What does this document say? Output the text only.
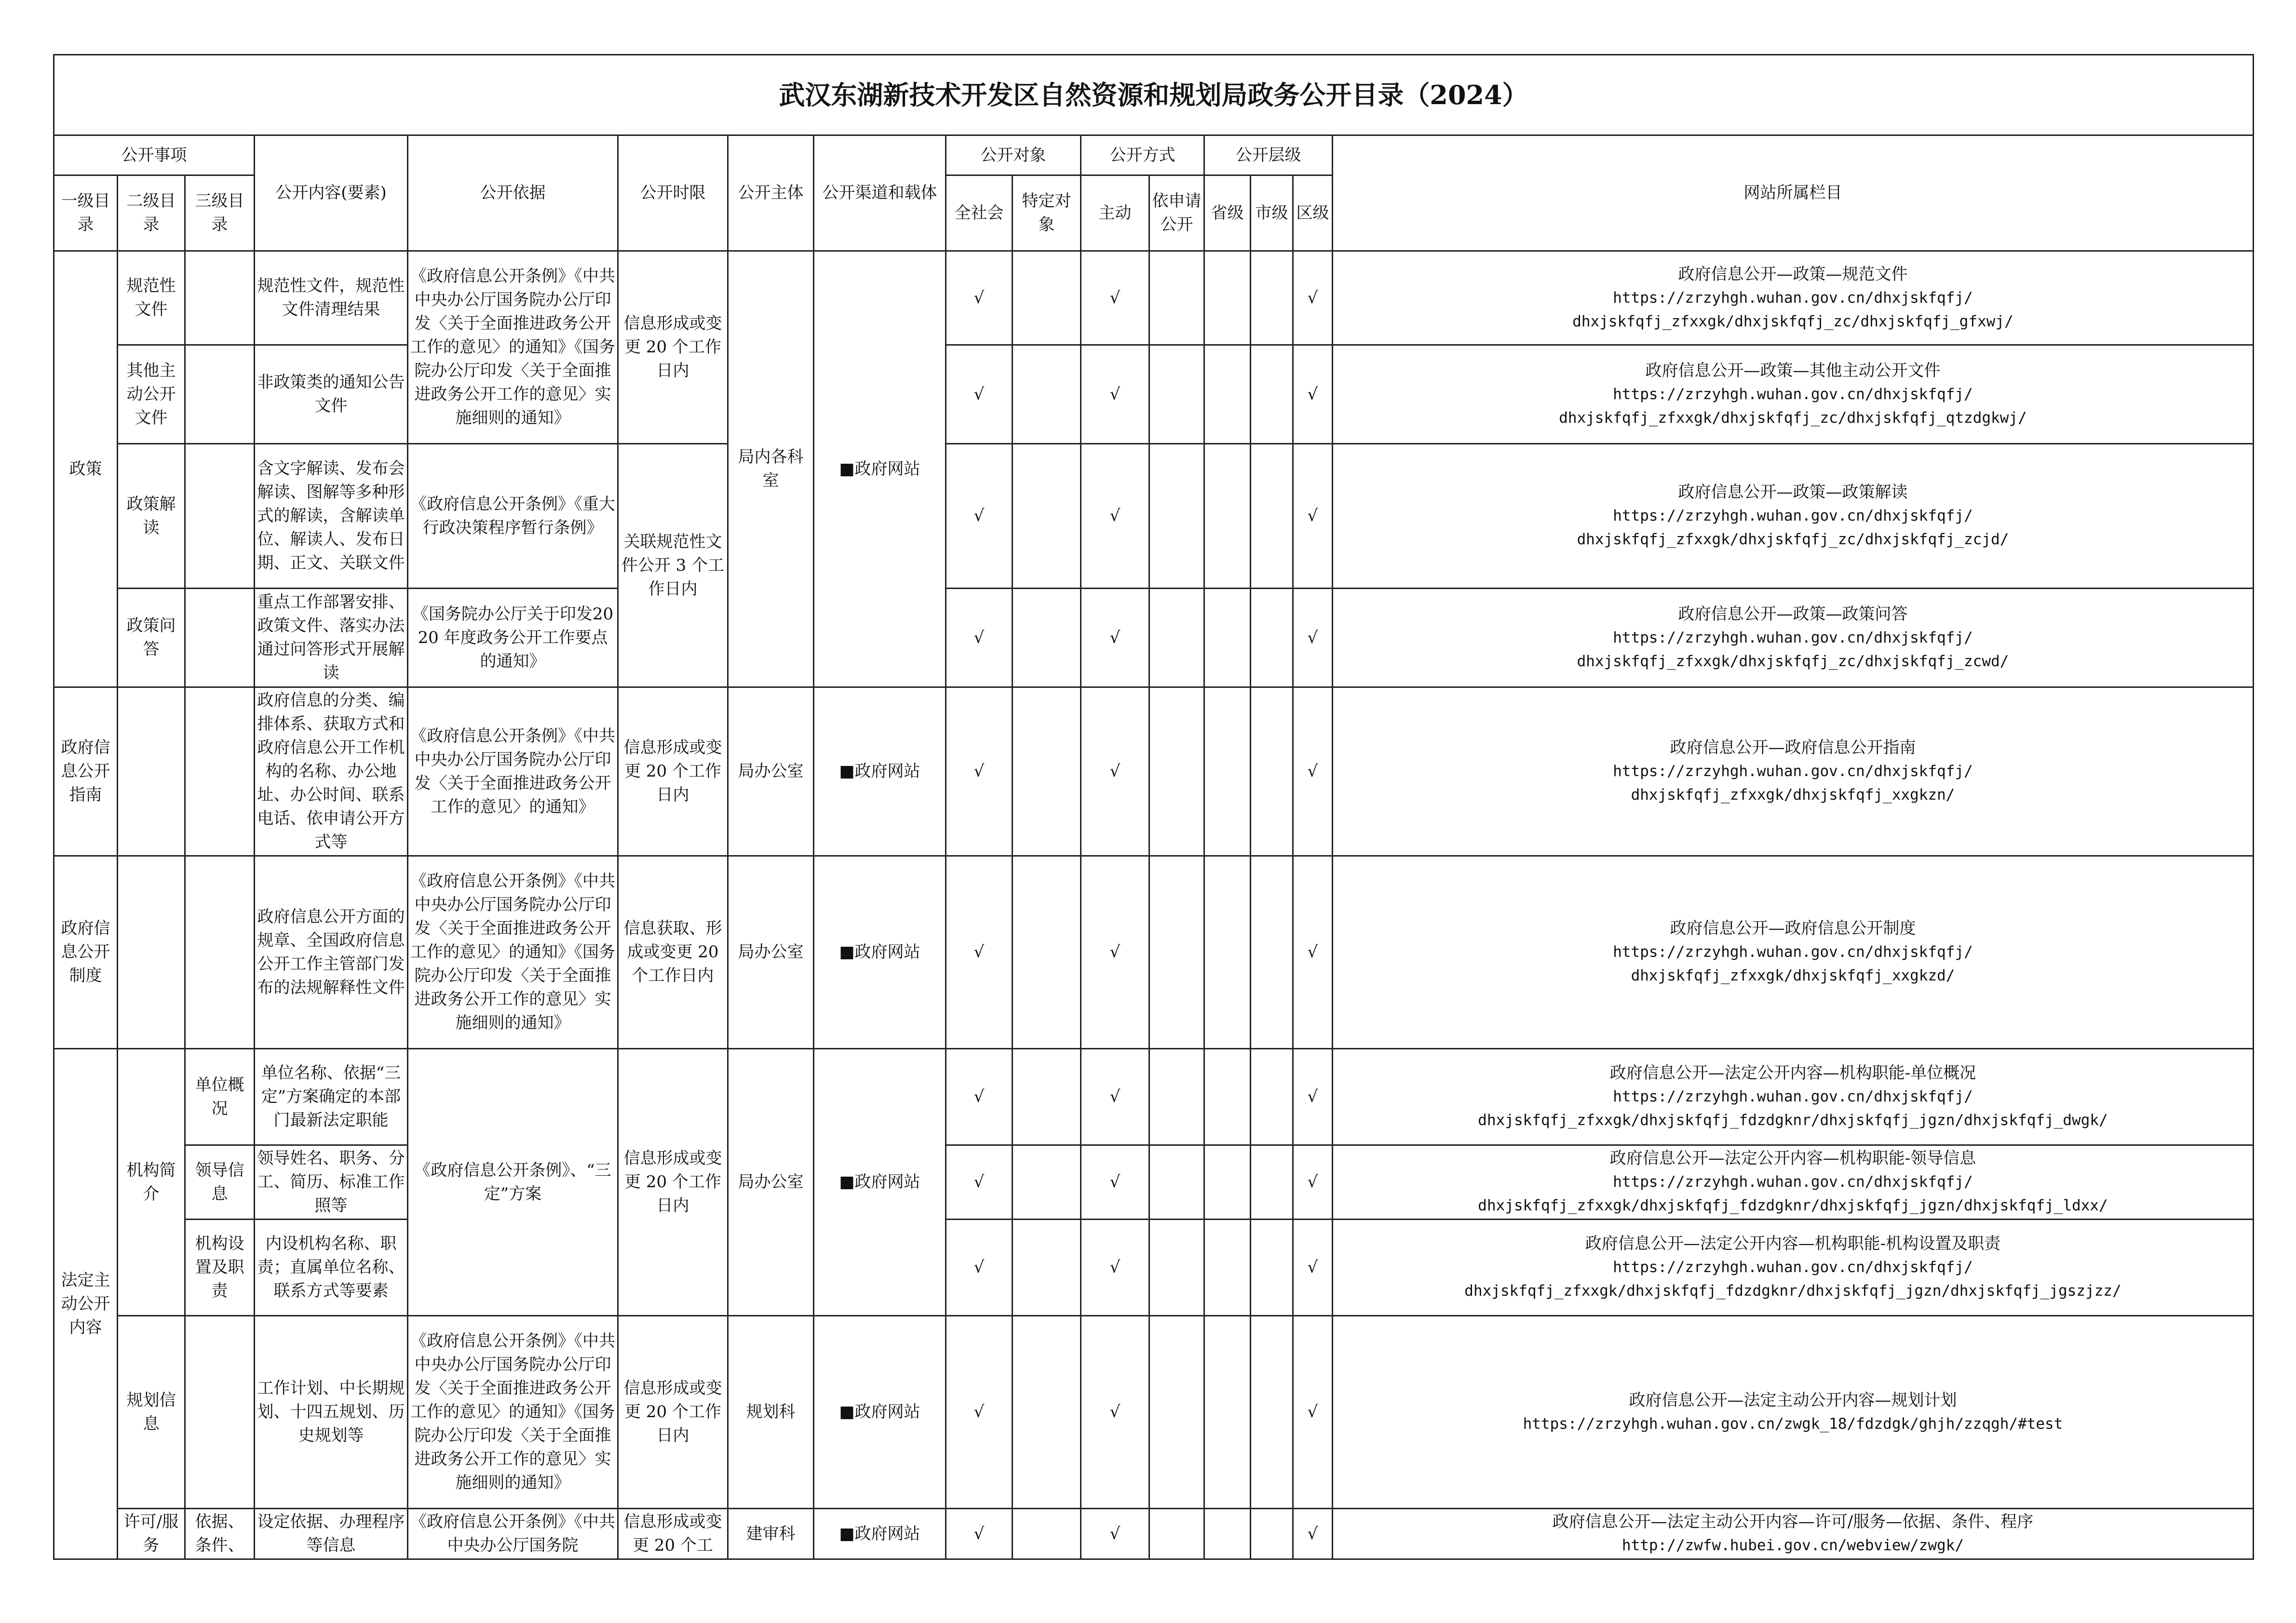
武汉东湖新技术开发区自然资源和规划局政务公开目录（2024）															
公开事项			公开内容(要素)	公开依据	公开时限	公开主体	公开渠道和载体	公开对象		公开方式		公开层级			网站所属栏目
一级目录	二级目录	三级目录						全社会	特定对象	主动	依申请公开	省级	市级	区级	
政策	规范性文件		规范性文件，规范性文件清理结果	《政府信息公开条例》《中共中央办公厅国务院办公厅印发〈关于全面推进政务公开工作的意见〉的通知》《国务院办公厅印发〈关于全面推进政务公开工作的意见〉实施细则的通知》	信息形成或变更 20 个工作日内	局内各科室	■政府网站	√		√				√	政府信息公开—政策—规范文件
https://zrzyhgh.wuhan.gov.cn/dhxjskfqfj/
dhxjskfqfj_zfxxgk/dhxjskfqfj_zc/dhxjskfqfj_gfxwj/

	其他主动公开文件		非政策类的通知公告文件					√		√				√	政府信息公开—政策—其他主动公开文件
https://zrzyhgh.wuhan.gov.cn/dhxjskfqfj/
dhxjskfqfj_zfxxgk/dhxjskfqfj_zc/dhxjskfqfj_qtzdgkwj/

	政策解读		含文字解读、发布会解读、图解等多种形式的解读，含解读单位、解读人、发布日期、正文、关联文件	《政府信息公开条例》《重大行政决策程序暂行条例》	关联规范性文件公开 3 个工作日内			√		√				√	政府信息公开—政策—政策解读
https://zrzyhgh.wuhan.gov.cn/dhxjskfqfj/
dhxjskfqfj_zfxxgk/dhxjskfqfj_zc/dhxjskfqfj_zcjd/

	政策问答		重点工作部署安排、政策文件、落实办法通过问答形式开展解读	《国务院办公厅关于印发2020 年度政务公开工作要点的通知》				√		√				√	政府信息公开—政策—政策问答
https://zrzyhgh.wuhan.gov.cn/dhxjskfqfj/
dhxjskfqfj_zfxxgk/dhxjskfqfj_zc/dhxjskfqfj_zcwd/

政府信息公开指南			政府信息的分类、编排体系、获取方式和政府信息公开工作机构的名称、办公地址、办公时间、联系电话、依申请公开方式等	《政府信息公开条例》《中共中央办公厅国务院办公厅印发〈关于全面推进政务公开工作的意见〉的通知》	信息形成或变更 20 个工作日内	局办公室	■政府网站	√		√				√	政府信息公开—政府信息公开指南
https://zrzyhgh.wuhan.gov.cn/dhxjskfqfj/
dhxjskfqfj_zfxxgk/dhxjskfqfj_xxgkzn/

政府信息公开制度			政府信息公开方面的规章、全国政府信息公开工作主管部门发布的法规解释性文件	《政府信息公开条例》《中共中央办公厅国务院办公厅印发〈关于全面推进政务公开工作的意见〉的通知》《国务院办公厅印发〈关于全面推进政务公开工作的意见〉实施细则的通知》	信息获取、形成或变更 20 个工作日内	局办公室	■政府网站	√		√				√	政府信息公开—政府信息公开制度
https://zrzyhgh.wuhan.gov.cn/dhxjskfqfj/
dhxjskfqfj_zfxxgk/dhxjskfqfj_xxgkzd/

法定主动公开内容	机构简介	单位概况	单位名称、依据“三定”方案确定的本部门最新法定职能	《政府信息公开条例》、“三定”方案	信息形成或变更 20 个工作日内	局办公室	■政府网站	√		√				√	政府信息公开—法定公开内容—机构职能-单位概况
https://zrzyhgh.wuhan.gov.cn/dhxjskfqfj/
dhxjskfqfj_zfxxgk/dhxjskfqfj_fdzdgknr/dhxjskfqfj_jgzn/dhxjskfqfj_dwgk/

		领导信息	领导姓名、职务、分工、简历、标准工作照等					√		√				√	政府信息公开—法定公开内容—机构职能-领导信息
https://zrzyhgh.wuhan.gov.cn/dhxjskfqfj/
dhxjskfqfj_zfxxgk/dhxjskfqfj_fdzdgknr/dhxjskfqfj_jgzn/dhxjskfqfj_ldxx/

		机构设置及职责	内设机构名称、职责；直属单位名称、联系方式等要素					√		√				√	政府信息公开—法定公开内容—机构职能-机构设置及职责
https://zrzyhgh.wuhan.gov.cn/dhxjskfqfj/
dhxjskfqfj_zfxxgk/dhxjskfqfj_fdzdgknr/dhxjskfqfj_jgzn/dhxjskfqfj_jgszjzz/

	规划信息		工作计划、中长期规划、十四五规划、历史规划等	《政府信息公开条例》《中共中央办公厅国务院办公厅印发〈关于全面推进政务公开工作的意见〉的通知》《国务院办公厅印发〈关于全面推进政务公开工作的意见〉实施细则的通知》	信息形成或变更 20 个工作日内	规划科	■政府网站	√		√				√	政府信息公开—法定主动公开内容—规划计划
https://zrzyhgh.wuhan.gov.cn/zwgk_18/fdzdgk/ghjh/zzqgh/#test

	许可/服务	依据、条件、	设定依据、办理程序等信息	《政府信息公开条例》《中共中央办公厅国务院	信息形成或变更 20 个工	建审科	■政府网站	√		√				√	政府信息公开—法定主动公开内容—许可/服务—依据、条件、程序
http://zwfw.hubei.gov.cn/webview/zwgk/
